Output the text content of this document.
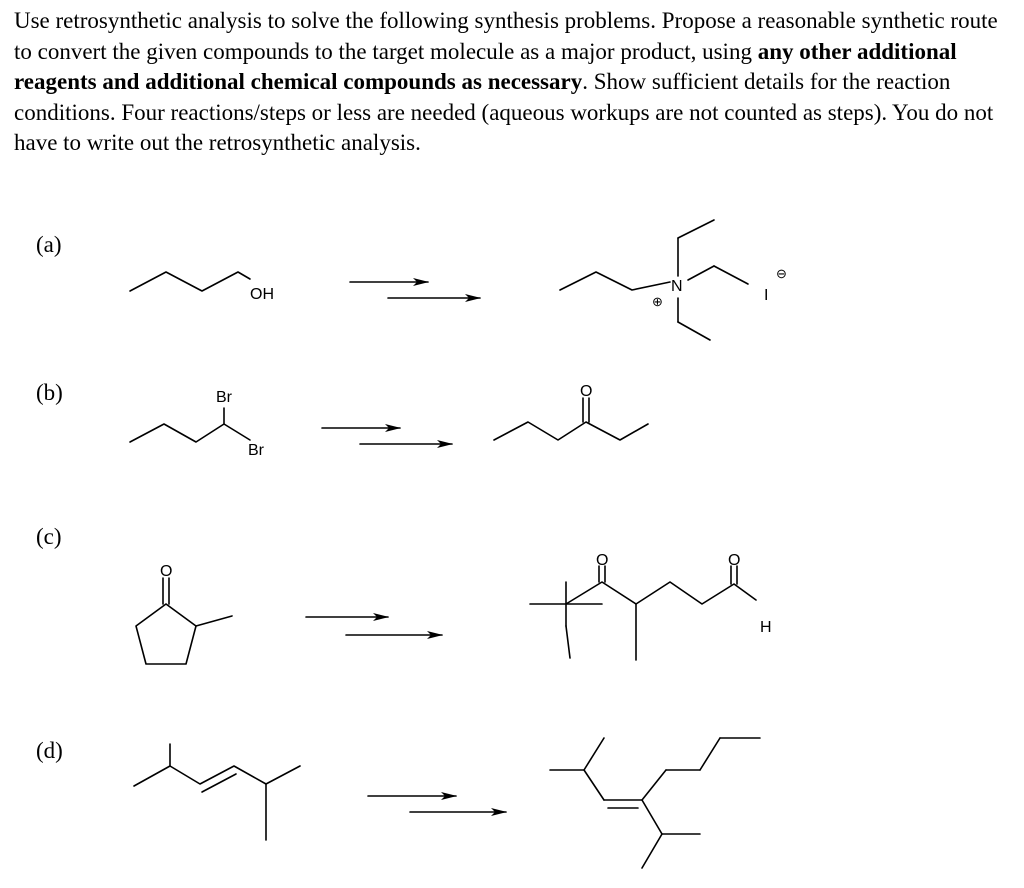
Use retrosynthetic analysis to solve the following synthesis problems. Propose a reasonable synthetic route to convert the given compounds to the target molecule as a major product, using any other additional reagents and additional chemical compounds as necessary. Show sufficient details for the reaction conditions. Four reactions/steps or less are needed (aqueous workups are not counted as steps). You do not have to write out the retrosynthetic analysis.

(a)
(b)
(c)
(d)
OH	N
⊕	I
⊖
Br
Br
O
O
O	O
H
